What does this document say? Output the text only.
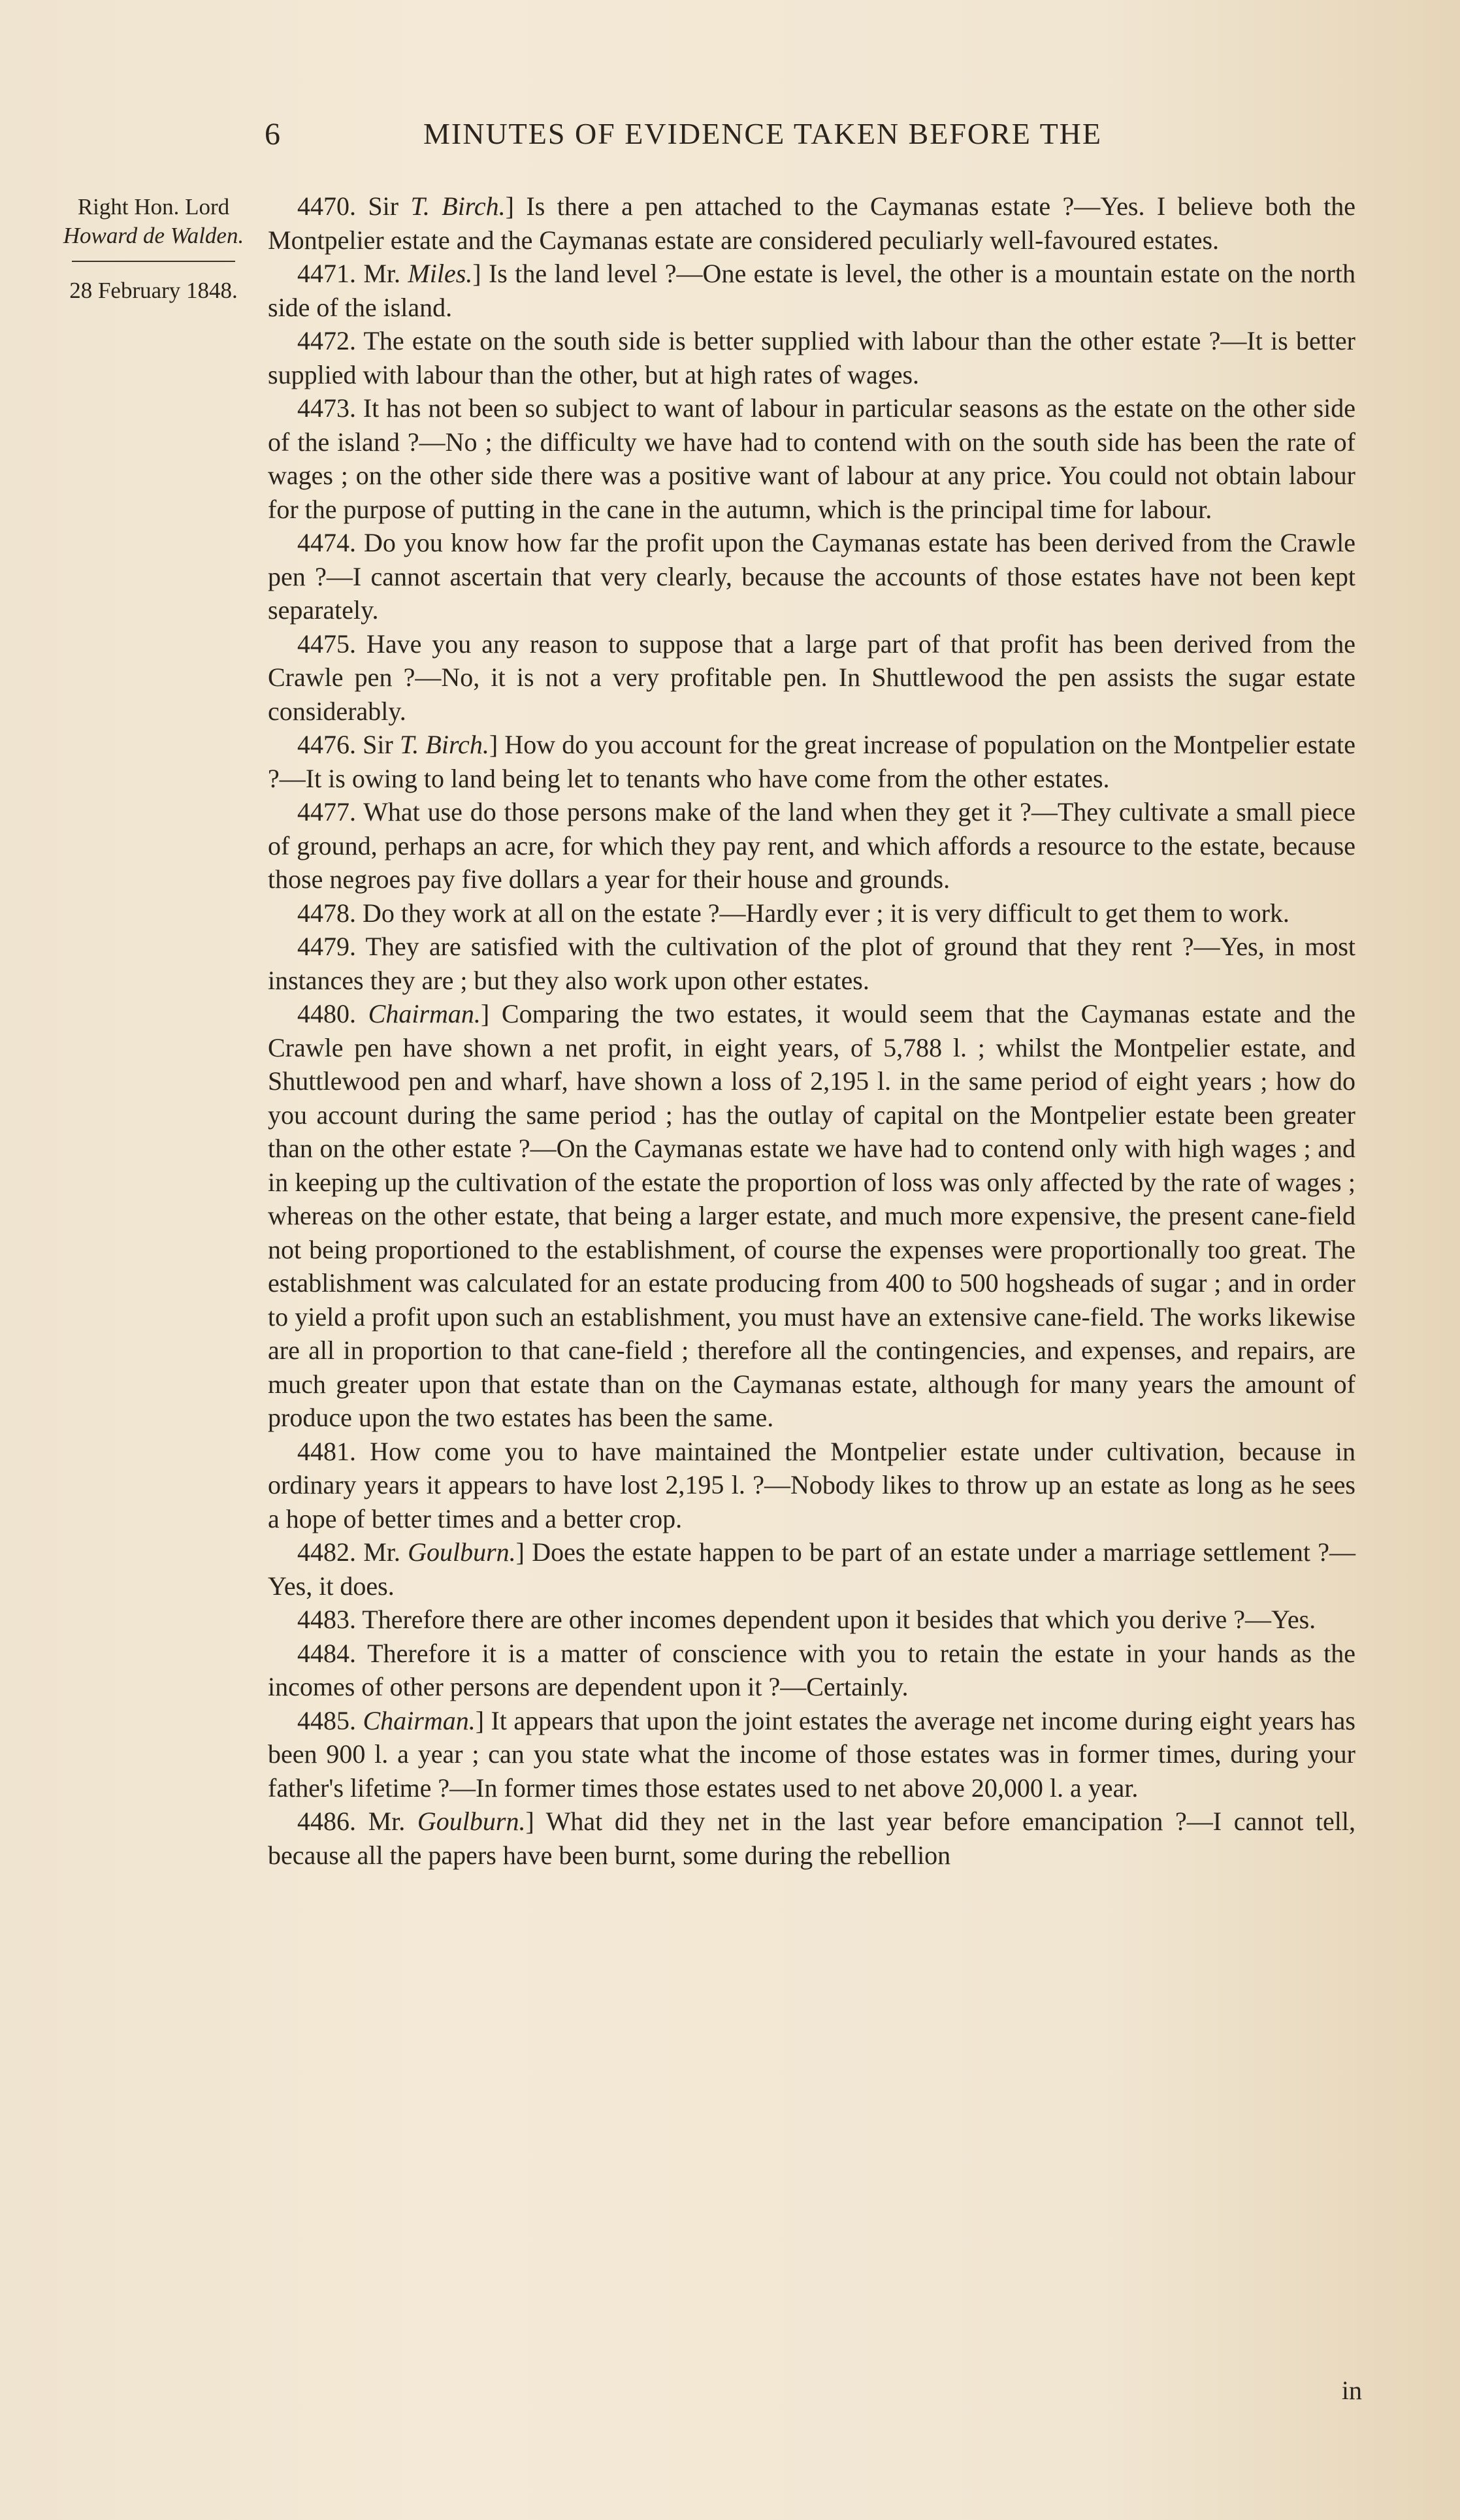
6	MINUTES OF EVIDENCE TAKEN BEFORE THE
Right Hon. Lord
Howard de Walden.
28 February 1848.

4470. Sir T. Birch.] Is there a pen attached to the Caymanas estate ?—Yes. I believe both the Montpelier estate and the Caymanas estate are considered peculiarly well-favoured estates.

4471. Mr. Miles.] Is the land level ?—One estate is level, the other is a mountain estate on the north side of the island.

4472. The estate on the south side is better supplied with labour than the other estate ?—It is better supplied with labour than the other, but at high rates of wages.

4473. It has not been so subject to want of labour in particular seasons as the estate on the other side of the island ?—No ; the difficulty we have had to contend with on the south side has been the rate of wages ; on the other side there was a positive want of labour at any price. You could not obtain labour for the purpose of putting in the cane in the autumn, which is the principal time for labour.

4474. Do you know how far the profit upon the Caymanas estate has been derived from the Crawle pen ?—I cannot ascertain that very clearly, because the accounts of those estates have not been kept separately.

4475. Have you any reason to suppose that a large part of that profit has been derived from the Crawle pen ?—No, it is not a very profitable pen. In Shuttlewood the pen assists the sugar estate considerably.

4476. Sir T. Birch.] How do you account for the great increase of population on the Montpelier estate ?—It is owing to land being let to tenants who have come from the other estates.

4477. What use do those persons make of the land when they get it ?—They cultivate a small piece of ground, perhaps an acre, for which they pay rent, and which affords a resource to the estate, because those negroes pay five dollars a year for their house and grounds.

4478. Do they work at all on the estate ?—Hardly ever ; it is very difficult to get them to work.

4479. They are satisfied with the cultivation of the plot of ground that they rent ?—Yes, in most instances they are ; but they also work upon other estates.

4480. Chairman.] Comparing the two estates, it would seem that the Caymanas estate and the Crawle pen have shown a net profit, in eight years, of 5,788 l. ; whilst the Montpelier estate, and Shuttlewood pen and wharf, have shown a loss of 2,195 l. in the same period of eight years ; how do you account during the same period ; has the outlay of capital on the Montpelier estate been greater than on the other estate ?—On the Caymanas estate we have had to contend only with high wages ; and in keeping up the cultivation of the estate the proportion of loss was only affected by the rate of wages ; whereas on the other estate, that being a larger estate, and much more expensive, the present cane-field not being proportioned to the establishment, of course the expenses were proportionally too great. The establishment was calculated for an estate producing from 400 to 500 hogsheads of sugar ; and in order to yield a profit upon such an establishment, you must have an extensive cane-field. The works likewise are all in proportion to that cane-field ; therefore all the contingencies, and expenses, and repairs, are much greater upon that estate than on the Caymanas estate, although for many years the amount of produce upon the two estates has been the same.

4481. How come you to have maintained the Montpelier estate under cultivation, because in ordinary years it appears to have lost 2,195 l. ?—Nobody likes to throw up an estate as long as he sees a hope of better times and a better crop.

4482. Mr. Goulburn.] Does the estate happen to be part of an estate under a marriage settlement ?—Yes, it does.

4483. Therefore there are other incomes dependent upon it besides that which you derive ?—Yes.

4484. Therefore it is a matter of conscience with you to retain the estate in your hands as the incomes of other persons are dependent upon it ?—Certainly.

4485. Chairman.] It appears that upon the joint estates the average net income during eight years has been 900 l. a year ; can you state what the income of those estates was in former times, during your father's lifetime ?—In former times those estates used to net above 20,000 l. a year.

4486. Mr. Goulburn.] What did they net in the last year before emancipation ?—I cannot tell, because all the papers have been burnt, some during the rebellion

in
